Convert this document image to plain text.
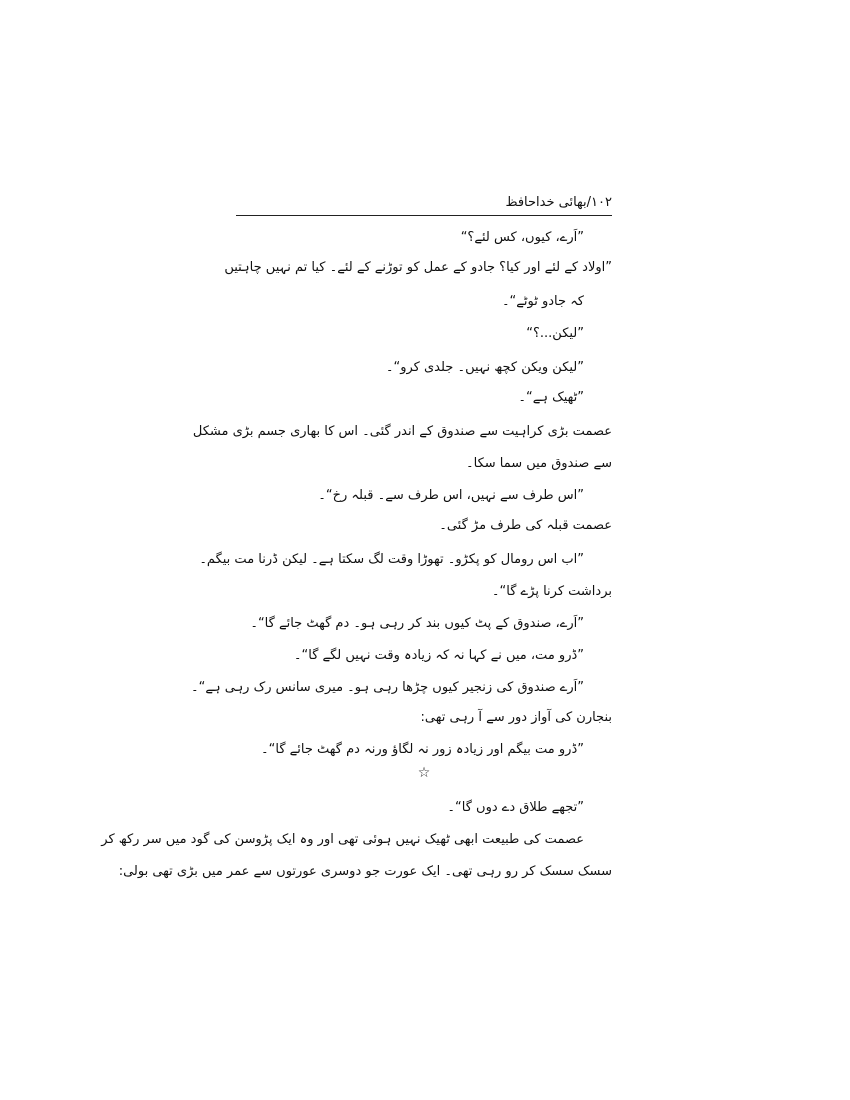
۱۰۲/بھائی خداحافظ
”اَرے، کیوں، کس لئے؟“
”اولاد کے لئے اور کیا؟ جادو کے عمل کو توڑنے کے لئے۔ کیا تم نہیں چاہتیں
کہ جادو ٹوٹے“۔
”لیکن...؟“
”لیکن ویکن کچھ نہیں۔ جلدی کرو“۔
”ٹھیک ہے“۔
عصمت بڑی کراہیت سے صندوق کے اندر گئی۔ اس کا بھاری جسم بڑی مشکل
سے صندوق میں سما سکا۔
”اس طرف سے نہیں، اس طرف سے۔ قبلہ رخ“۔
عصمت قبلہ کی طرف مڑ گئی۔
”اب اس رومال کو پکڑو۔ تھوڑا وقت لگ سکتا ہے۔ لیکن ڈرنا مت بیگم۔
برداشت کرنا پڑے گا“۔
”اَرے، صندوق کے پٹ کیوں بند کر رہی ہو۔ دم گھٹ جائے گا“۔
”ڈرو مت، میں نے کہا نہ کہ زیادہ وقت نہیں لگے گا“۔
”اَرے صندوق کی زنجیر کیوں چڑھا رہی ہو۔ میری سانس رک رہی ہے“۔
بنجارن کی آواز دور سے آ رہی تھی:
”ڈرو مت بیگم اور زیادہ زور نہ لگاؤ ورنہ دم گھٹ جائے گا“۔
”تجھے طلاق دے دوں گا“۔
عصمت کی طبیعت ابھی ٹھیک نہیں ہوئی تھی اور وہ ایک پڑوسن کی گود میں سر رکھ کر
سسک سسک کر رو رہی تھی۔ ایک عورت جو دوسری عورتوں سے عمر میں بڑی تھی بولی:
☆
